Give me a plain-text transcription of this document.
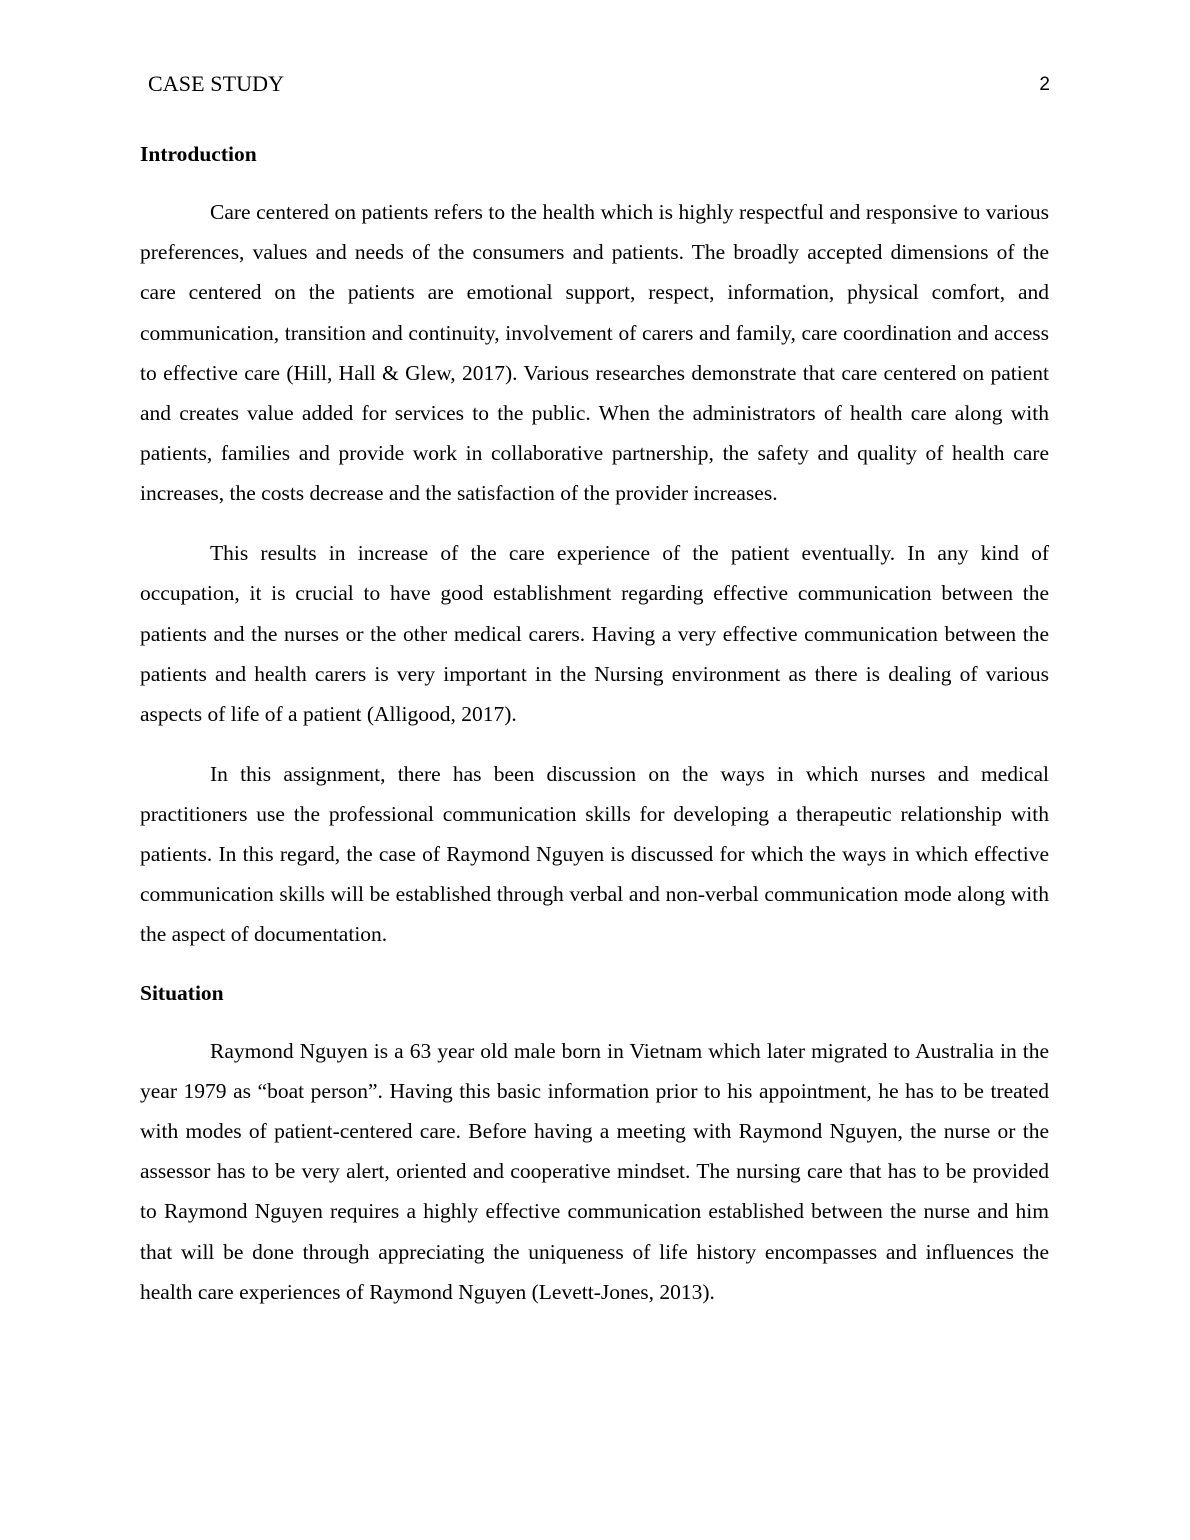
CASE STUDY	2
Introduction

Care centered on patients refers to the health which is highly respectful and responsive to various preferences, values and needs of the consumers and patients. The broadly accepted dimensions of the care centered on the patients are emotional support, respect, information, physical comfort, and communication, transition and continuity, involvement of carers and family, care coordination and access to effective care (Hill, Hall & Glew, 2017). Various researches demonstrate that care centered on patient and creates value added for services to the public. When the administrators of health care along with patients, families and provide work in collaborative partnership, the safety and quality of health care increases, the costs decrease and the satisfaction of the provider increases.

This results in increase of the care experience of the patient eventually. In any kind of occupation, it is crucial to have good establishment regarding effective communication between the patients and the nurses or the other medical carers. Having a very effective communication between the patients and health carers is very important in the Nursing environment as there is dealing of various aspects of life of a patient (Alligood, 2017).

In this assignment, there has been discussion on the ways in which nurses and medical practitioners use the professional communication skills for developing a therapeutic relationship with patients. In this regard, the case of Raymond Nguyen is discussed for which the ways in which effective communication skills will be established through verbal and non-verbal communication mode along with the aspect of documentation.

Situation

Raymond Nguyen is a 63 year old male born in Vietnam which later migrated to Australia in the year 1979 as “boat person”. Having this basic information prior to his appointment, he has to be treated with modes of patient-centered care. Before having a meeting with Raymond Nguyen, the nurse or the assessor has to be very alert, oriented and cooperative mindset. The nursing care that has to be provided to Raymond Nguyen requires a highly effective communication established between the nurse and him that will be done through appreciating the uniqueness of life history encompasses and influences the health care experiences of Raymond Nguyen (Levett-Jones, 2013).
